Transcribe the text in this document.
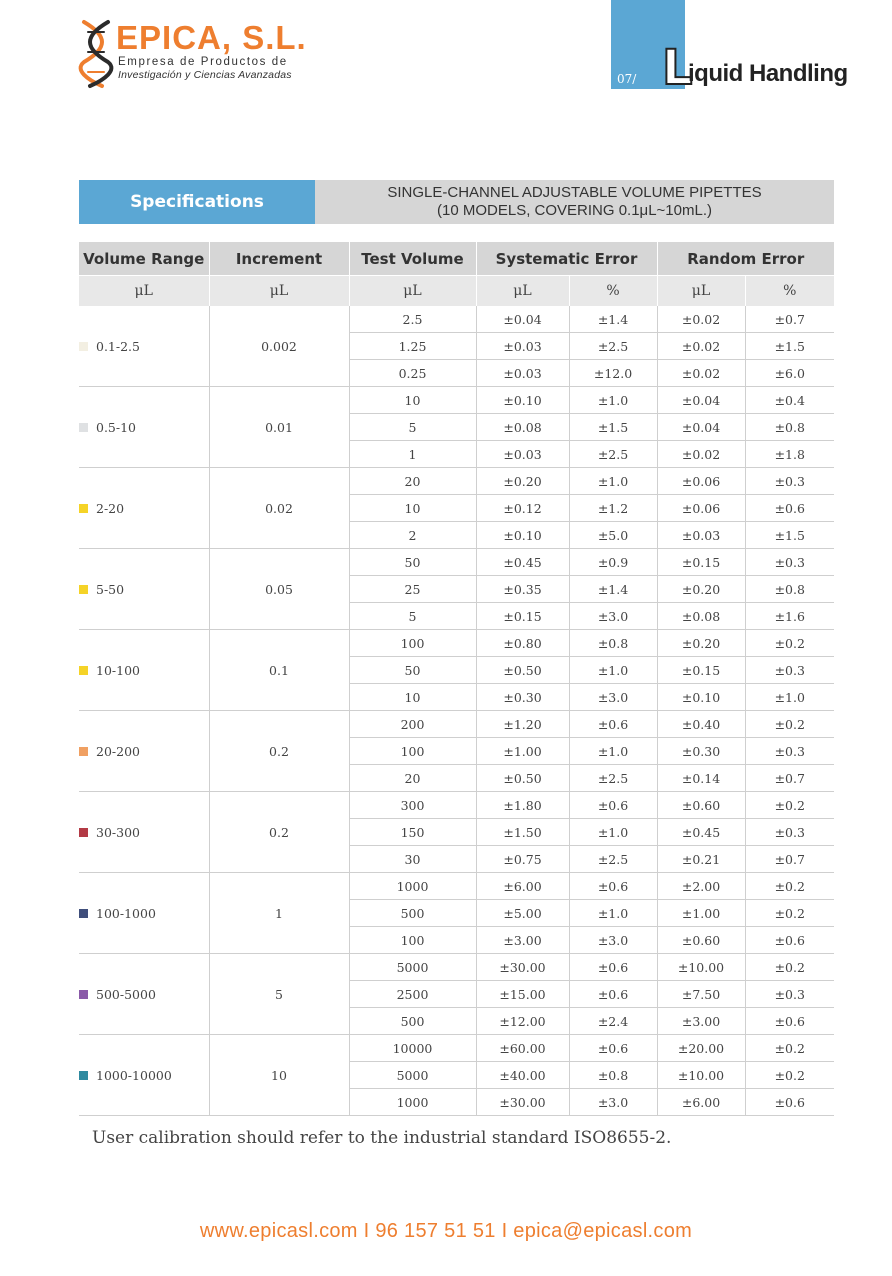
EPICA, S.L.
Empresa de Productos de
Investigación y Ciencias Avanzadas	07/ L
iquid Handling
Specifications	SINGLE-CHANNEL ADJUSTABLE VOLUME PIPETTES
(10 MODELS, COVERING 0.1μL~10mL.)
Volume Range	Increment	Test Volume	Systematic Error		Random Error	
μL	μL	μL	μL	%	μL	%
0.1-2.5	0.002	2.5	±0.04	±1.4	±0.02	±0.7
		1.25	±0.03	±2.5	±0.02	±1.5
		0.25	±0.03	±12.0	±0.02	±6.0
0.5-10	0.01	10	±0.10	±1.0	±0.04	±0.4
		5	±0.08	±1.5	±0.04	±0.8
		1	±0.03	±2.5	±0.02	±1.8
2-20	0.02	20	±0.20	±1.0	±0.06	±0.3
		10	±0.12	±1.2	±0.06	±0.6
		2	±0.10	±5.0	±0.03	±1.5
5-50	0.05	50	±0.45	±0.9	±0.15	±0.3
		25	±0.35	±1.4	±0.20	±0.8
		5	±0.15	±3.0	±0.08	±1.6
10-100	0.1	100	±0.80	±0.8	±0.20	±0.2
		50	±0.50	±1.0	±0.15	±0.3
		10	±0.30	±3.0	±0.10	±1.0
20-200	0.2	200	±1.20	±0.6	±0.40	±0.2
		100	±1.00	±1.0	±0.30	±0.3
		20	±0.50	±2.5	±0.14	±0.7
30-300	0.2	300	±1.80	±0.6	±0.60	±0.2
		150	±1.50	±1.0	±0.45	±0.3
		30	±0.75	±2.5	±0.21	±0.7
100-1000	1	1000	±6.00	±0.6	±2.00	±0.2
		500	±5.00	±1.0	±1.00	±0.2
		100	±3.00	±3.0	±0.60	±0.6
500-5000	5	5000	±30.00	±0.6	±10.00	±0.2
		2500	±15.00	±0.6	±7.50	±0.3
		500	±12.00	±2.4	±3.00	±0.6
1000-10000	10	10000	±60.00	±0.6	±20.00	±0.2
		5000	±40.00	±0.8	±10.00	±0.2
		1000	±30.00	±3.0	±6.00	±0.6
User calibration should refer to the industrial standard ISO8655-2.
www.epicasl.com I 96 157 51 51 I epica@epicasl.com
